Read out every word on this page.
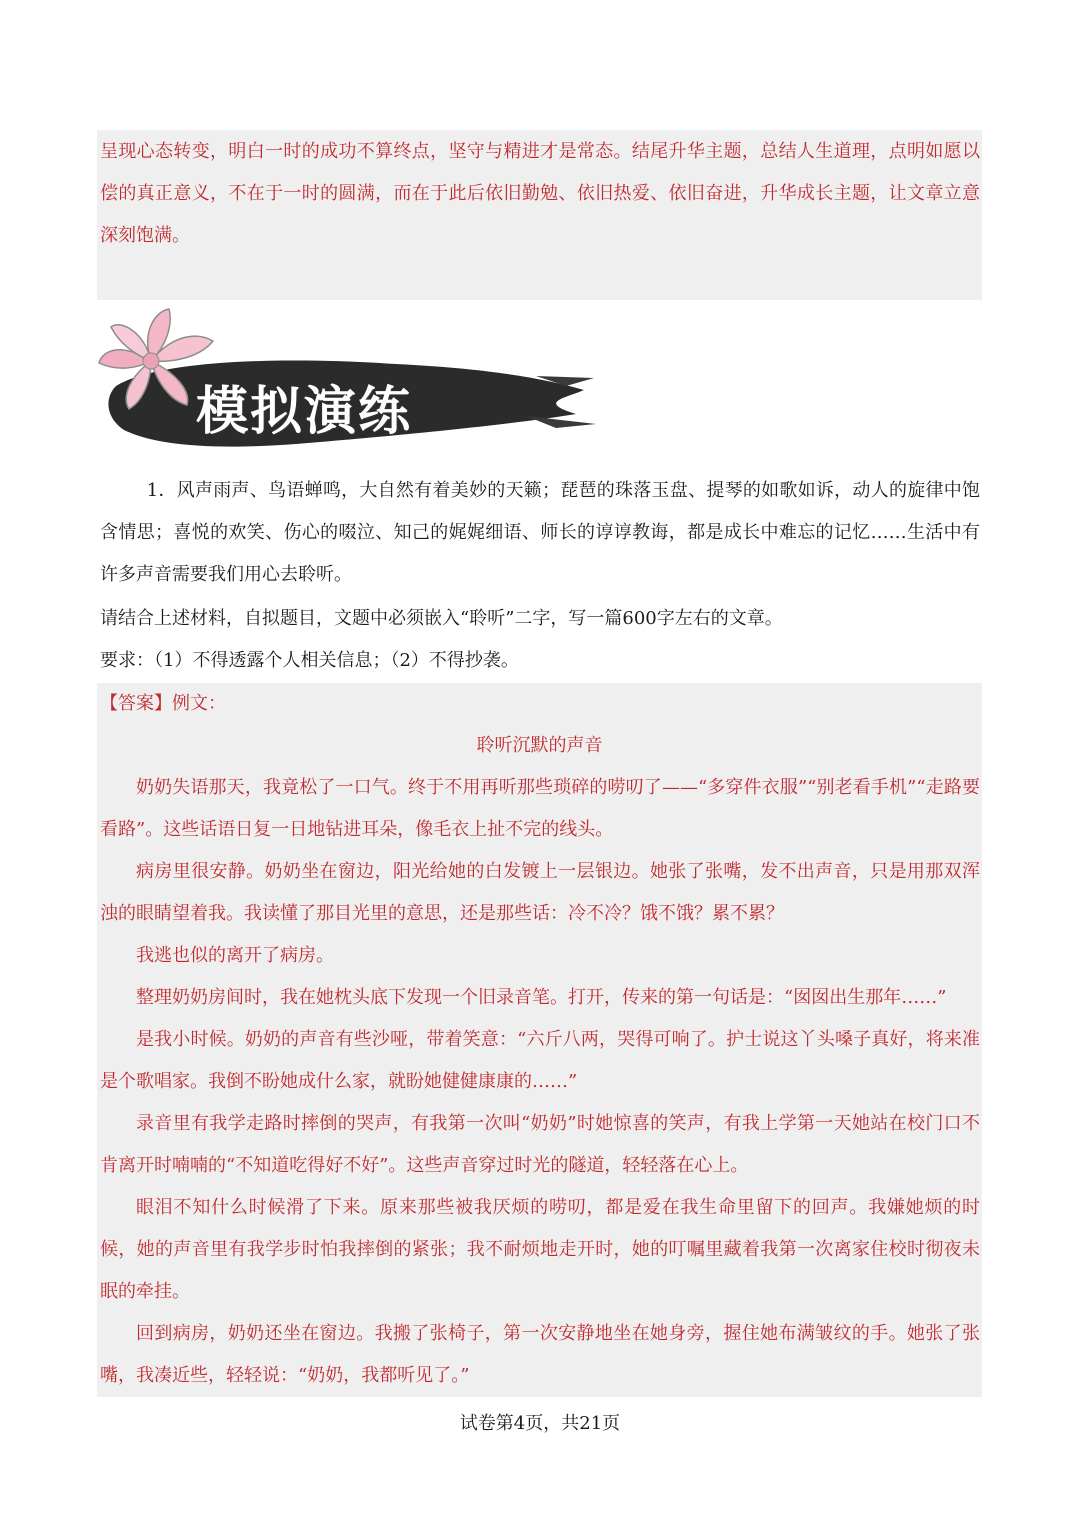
呈现心态转变，明白一时的成功不算终点，坚守与精进才是常态。结尾升华主题，总结人生道理，点明如愿以偿的真正意义，不在于一时的圆满，而在于此后依旧勤勉、依旧热爱、依旧奋进，升华成长主题，让文章立意深刻饱满。

模拟演练

1．风声雨声、鸟语蝉鸣，大自然有着美妙的天籁；琵琶的珠落玉盘、提琴的如歌如诉，动人的旋律中饱含情思；喜悦的欢笑、伤心的啜泣、知己的娓娓细语、师长的谆谆教诲，都是成长中难忘的记忆……生活中有许多声音需要我们用心去聆听。

请结合上述材料，自拟题目，文题中必须嵌入“聆听”二字，写一篇600字左右的文章。

要求：（1）不得透露个人相关信息；（2）不得抄袭。

【答案】例文：

聆听沉默的声音

奶奶失语那天，我竟松了一口气。终于不用再听那些琐碎的唠叨了——“多穿件衣服”“别老看手机”“走路要看路”。这些话语日复一日地钻进耳朵，像毛衣上扯不完的线头。

病房里很安静。奶奶坐在窗边，阳光给她的白发镀上一层银边。她张了张嘴，发不出声音，只是用那双浑浊的眼睛望着我。我读懂了那目光里的意思，还是那些话：冷不冷？饿不饿？累不累？

我逃也似的离开了病房。

整理奶奶房间时，我在她枕头底下发现一个旧录音笔。打开，传来的第一句话是：“囡囡出生那年……”

是我小时候。奶奶的声音有些沙哑，带着笑意：“六斤八两，哭得可响了。护士说这丫头嗓子真好，将来准是个歌唱家。我倒不盼她成什么家，就盼她健健康康的……”

录音里有我学走路时摔倒的哭声，有我第一次叫“奶奶”时她惊喜的笑声，有我上学第一天她站在校门口不肯离开时喃喃的“不知道吃得好不好”。这些声音穿过时光的隧道，轻轻落在心上。

眼泪不知什么时候滑了下来。原来那些被我厌烦的唠叨，都是爱在我生命里留下的回声。我嫌她烦的时候，她的声音里有我学步时怕我摔倒的紧张；我不耐烦地走开时，她的叮嘱里藏着我第一次离家住校时彻夜未眠的牵挂。

回到病房，奶奶还坐在窗边。我搬了张椅子，第一次安静地坐在她身旁，握住她布满皱纹的手。她张了张嘴，我凑近些，轻轻说：“奶奶，我都听见了。”

试卷第4页，共21页
